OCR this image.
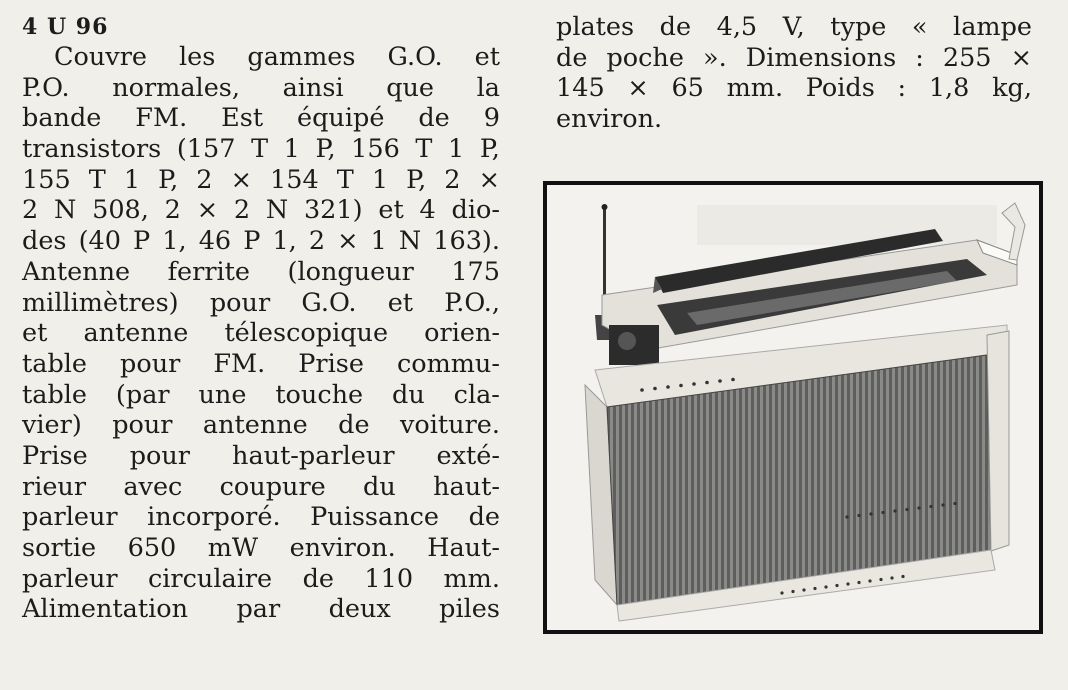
4 U 96
Couvre les gammes G.O. et
P.O. normales, ainsi que la
bande FM. Est équipé de 9
transistors (157 T 1 P, 156 T 1 P,
155 T 1 P, 2 × 154 T 1 P, 2 ×
2 N 508, 2 × 2 N 321) et 4 dio-
des (40 P 1, 46 P 1, 2 × 1 N 163).
Antenne ferrite (longueur 175
millimètres) pour G.O. et P.O.,
et antenne télescopique orien-
table pour FM. Prise commu-
table (par une touche du cla-
vier) pour antenne de voiture.
Prise pour haut-parleur exté-
rieur avec coupure du haut-
parleur incorporé. Puissance de
sortie 650 mW environ. Haut-
parleur circulaire de 110 mm.
Alimentation par deux piles
plates de 4,5 V, type « lampe
de poche ». Dimensions : 255 ×
145 × 65 mm. Poids : 1,8 kg,
environ.
